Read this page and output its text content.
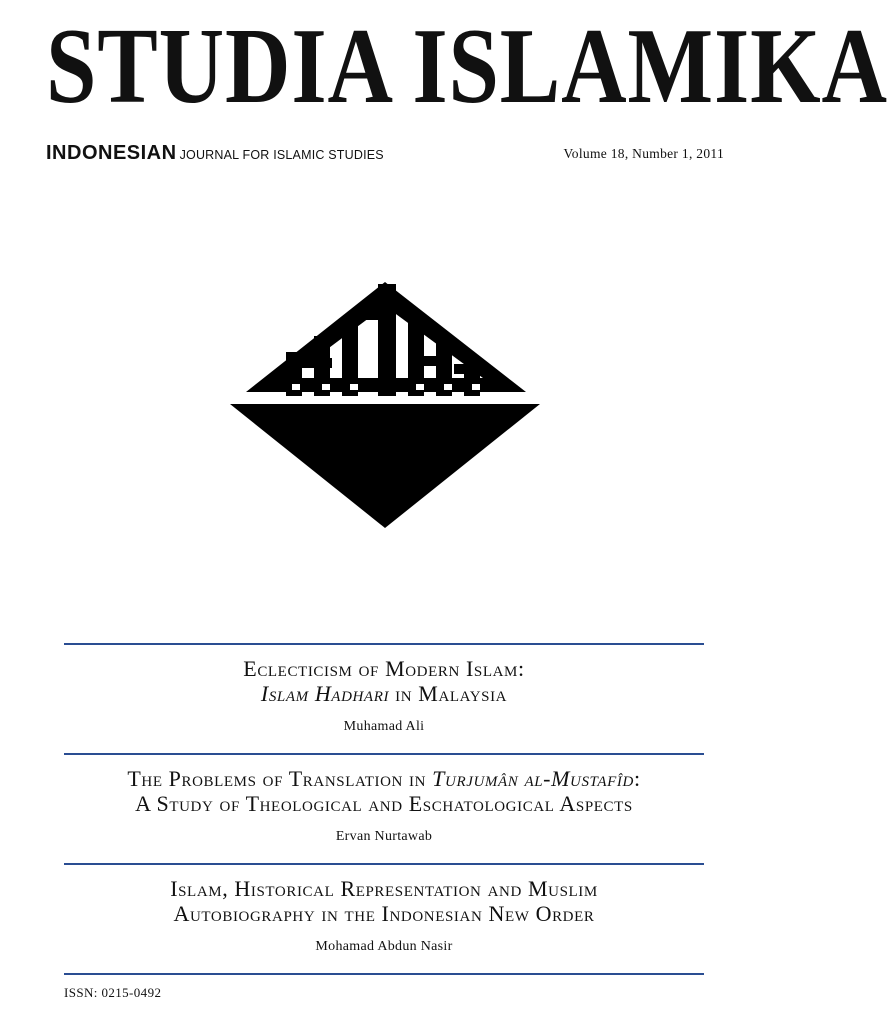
STUDIA ISLAMIKA
INDONESIAN JOURNAL FOR ISLAMIC STUDIES	Volume 18, Number 1, 2011

Eclecticism of Modern Islam:
Islam Hadhari in Malaysia

Muhamad Ali

The Problems of Translation in Turjumân al-Mustafîd:
A Study of Theological and Eschatological Aspects

Ervan Nurtawab

Islam, Historical Representation and Muslim
Autobiography in the Indonesian New Order

Mohamad Abdun Nasir
ISSN: 0215-0492
